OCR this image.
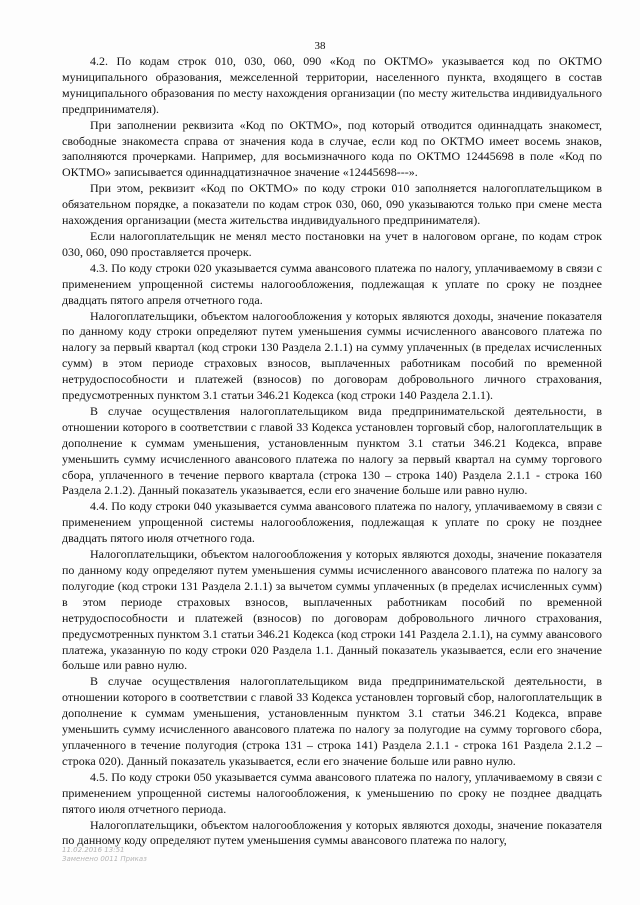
38

4.2. По кодам строк 010, 030, 060, 090 «Код по ОКТМО» указывается код по ОКТМО муниципального образования, межселенной территории, населенного пункта, входящего в состав муниципального образования по месту нахождения организации (по месту жительства индивидуального предпринимателя).

При заполнении реквизита «Код по ОКТМО», под который отводится одиннадцать знакомест, свободные знакоместа справа от значения кода в случае, если код по ОКТМО имеет восемь знаков, заполняются прочерками. Например, для восьмизначного кода по ОКТМО 12445698 в поле «Код по ОКТМО» записывается одиннадцатизначное значение «12445698---».

При этом, реквизит «Код по ОКТМО» по коду строки 010 заполняется налогоплательщиком в обязательном порядке, а показатели по кодам строк 030, 060, 090 указываются только при смене места нахождения организации (места жительства индивидуального предпринимателя).

Если налогоплательщик не менял место постановки на учет в налоговом органе, по кодам строк 030, 060, 090 проставляется прочерк.

4.3. По коду строки 020 указывается сумма авансового платежа по налогу, уплачиваемому в связи с применением упрощенной системы налогообложения, подлежащая к уплате по сроку не позднее двадцать пятого апреля отчетного года.

Налогоплательщики, объектом налогообложения у которых являются доходы, значение показателя по данному коду строки определяют путем уменьшения суммы исчисленного авансового платежа по налогу за первый квартал (код строки 130 Раздела 2.1.1) на сумму уплаченных (в пределах исчисленных сумм) в этом периоде страховых взносов, выплаченных работникам пособий по временной нетрудоспособности и платежей (взносов) по договорам добровольного личного страхования, предусмотренных пунктом 3.1 статьи 346.21 Кодекса (код строки 140 Раздела 2.1.1).

В случае осуществления налогоплательщиком вида предпринимательской деятельности, в отношении которого в соответствии с главой 33 Кодекса установлен торговый сбор, налогоплательщик в дополнение к суммам уменьшения, установленным пунктом 3.1 статьи 346.21 Кодекса, вправе уменьшить сумму исчисленного авансового платежа по налогу за первый квартал на сумму торгового сбора, уплаченного в течение первого квартала (строка 130 – строка 140) Раздела 2.1.1 - строка 160 Раздела 2.1.2). Данный показатель указывается, если его значение больше или равно нулю.

4.4. По коду строки 040 указывается сумма авансового платежа по налогу, уплачиваемому в связи с применением упрощенной системы налогообложения, подлежащая к уплате по сроку не позднее двадцать пятого июля отчетного года.

Налогоплательщики, объектом налогообложения у которых являются доходы, значение показателя по данному коду определяют путем уменьшения суммы исчисленного авансового платежа по налогу за полугодие (код строки 131 Раздела 2.1.1) за вычетом суммы уплаченных (в пределах исчисленных сумм) в этом периоде страховых взносов, выплаченных работникам пособий по временной нетрудоспособности и платежей (взносов) по договорам добровольного личного страхования, предусмотренных пунктом 3.1 статьи 346.21 Кодекса (код строки 141 Раздела 2.1.1), на сумму авансового платежа, указанную по коду строки 020 Раздела 1.1. Данный показатель указывается, если его значение больше или равно нулю.

В случае осуществления налогоплательщиком вида предпринимательской деятельности, в отношении которого в соответствии с главой 33 Кодекса установлен торговый сбор, налогоплательщик в дополнение к суммам уменьшения, установленным пунктом 3.1 статьи 346.21 Кодекса, вправе уменьшить сумму исчисленного авансового платежа по налогу за полугодие на сумму торгового сбора, уплаченного в течение полугодия (строка 131 – строка 141) Раздела 2.1.1 - строка 161 Раздела 2.1.2 – строка 020). Данный показатель указывается, если его значение больше или равно нулю.

4.5. По коду строки 050 указывается сумма авансового платежа по налогу, уплачиваемому в связи с применением упрощенной системы налогообложения, к уменьшению по сроку не позднее двадцать пятого июля отчетного периода.

Налогоплательщики, объектом налогообложения у которых являются доходы, значение показателя по данному коду определяют путем уменьшения суммы авансового платежа по налогу,

11.02.2016 13:51
Заменено 0011 Приказ
